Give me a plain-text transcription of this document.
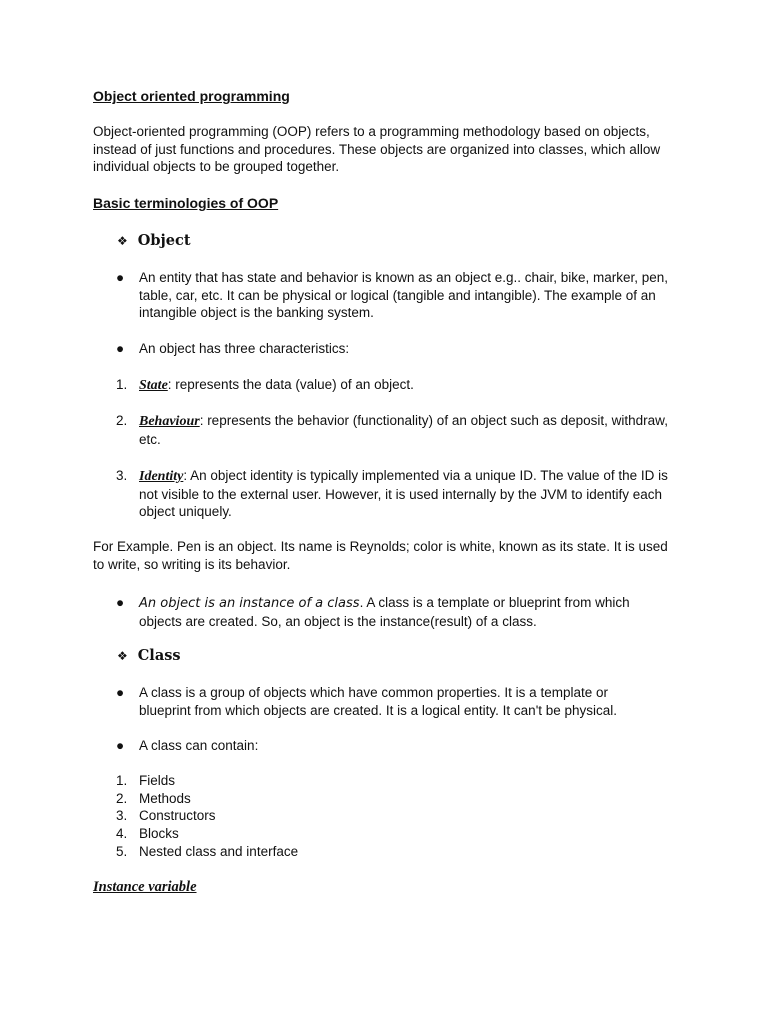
Object oriented programming
Object-oriented programming (OOP) refers to a programming methodology based on objects, instead of just functions and procedures. These objects are organized into classes, which allow individual objects to be grouped together.
Basic terminologies of OOP
❖ Object
●	An entity that has state and behavior is known as an object e.g.. chair, bike, marker, pen, table, car, etc. It can be physical or logical (tangible and intangible). The example of an intangible object is the banking system.
●	An object has three characteristics:
1. State: represents the data (value) of an object.
2. Behaviour: represents the behavior (functionality) of an object such as deposit, withdraw, etc.
3. Identity: An object identity is typically implemented via a unique ID. The value of the ID is not visible to the external user. However, it is used internally by the JVM to identify each object uniquely.
For Example. Pen is an object. Its name is Reynolds; color is white, known as its state. It is used to write, so writing is its behavior.
●	An object is an instance of a class. A class is a template or blueprint from which objects are created. So, an object is the instance(result) of a class.
❖ Class
●	A class is a group of objects which have common properties. It is a template or blueprint from which objects are created. It is a logical entity. It can't be physical.
●	A class can contain:
1. Fields
2. Methods
3. Constructors
4. Blocks
5. Nested class and interface
Instance variable
